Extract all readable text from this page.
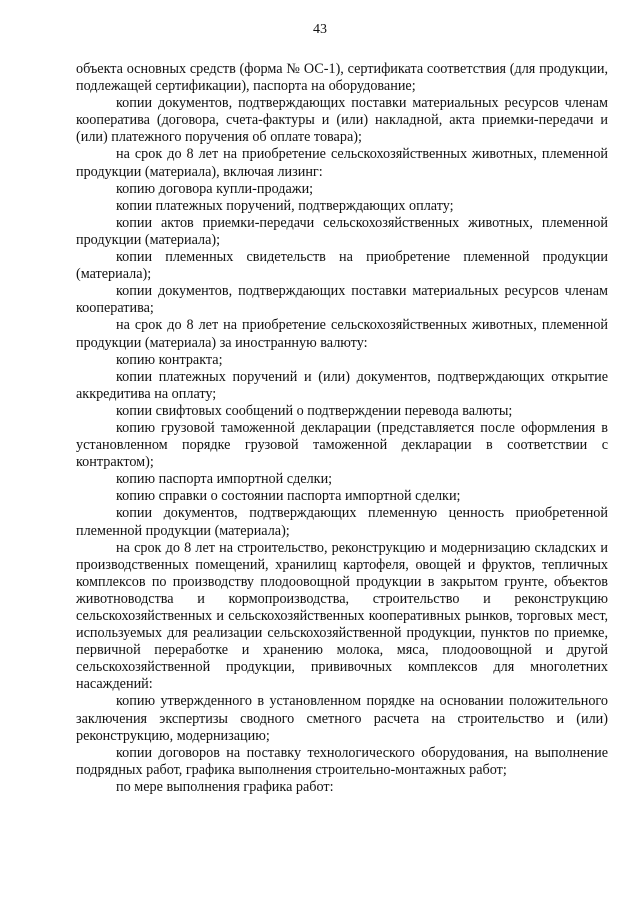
43

объекта основных средств (форма № ОС-1), сертификата соответствия (для продукции, подлежащей сертификации), паспорта на оборудование;

копии документов, подтверждающих поставки материальных ресурсов членам кооператива (договора, счета-фактуры и (или) накладной, акта приемки-передачи и (или) платежного поручения об оплате товара);

на срок до 8 лет на приобретение сельскохозяйственных животных, племенной продукции (материала), включая лизинг:

копию договора купли-продажи;

копии платежных поручений, подтверждающих оплату;

копии актов приемки-передачи сельскохозяйственных животных, племенной продукции (материала);

копии племенных свидетельств на приобретение племенной продукции (материала);

копии документов, подтверждающих поставки материальных ресурсов членам кооператива;

на срок до 8 лет на приобретение сельскохозяйственных животных, племенной продукции (материала) за иностранную валюту:

копию контракта;

копии платежных поручений и (или) документов, подтверждающих открытие аккредитива на оплату;

копии свифтовых сообщений о подтверждении перевода валюты;

копию грузовой таможенной декларации (представляется после оформления в установленном порядке грузовой таможенной декларации в соответствии с контрактом);

копию паспорта импортной сделки;

копию справки о состоянии паспорта импортной сделки;

копии документов, подтверждающих племенную ценность приобретенной племенной продукции (материала);

на срок до 8 лет на строительство, реконструкцию и модернизацию складских и производственных помещений, хранилищ картофеля, овощей и фруктов, тепличных комплексов по производству плодоовощной продукции в закрытом грунте, объектов животноводства и кормопроизводства, строительство и реконструкцию сельскохозяйственных и сельскохозяйственных кооперативных рынков, торговых мест, используемых для реализации сельскохозяйственной продукции, пунктов по приемке, первичной переработке и хранению молока, мяса, плодоовощной и другой сельскохозяйственной продукции, прививочных комплексов для многолетних насаждений:

копию утвержденного в установленном порядке на основании положительного заключения экспертизы сводного сметного расчета на строительство и (или) реконструкцию, модернизацию;

копии договоров на поставку технологического оборудования, на выполнение подрядных работ, графика выполнения строительно-монтажных работ;

по мере выполнения графика работ:
